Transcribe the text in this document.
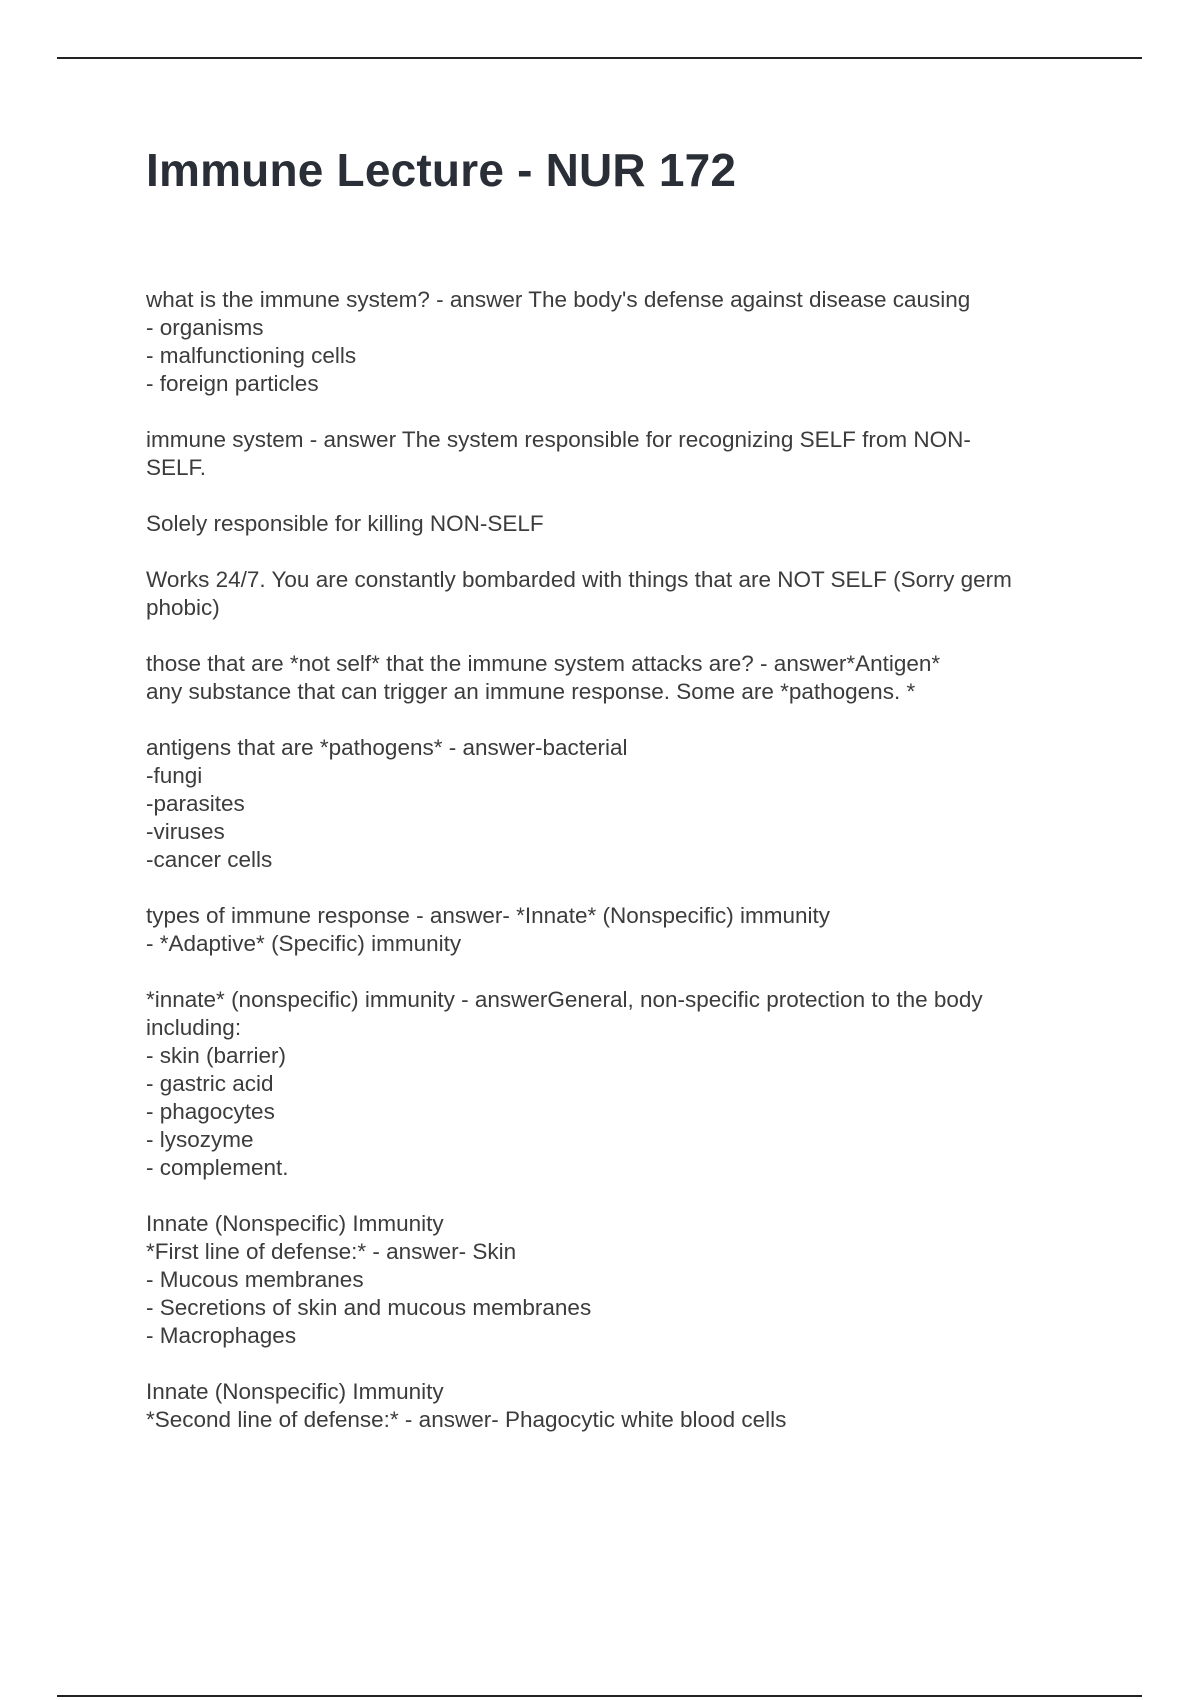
Immune Lecture - NUR 172

what is the immune system? - answer The body's defense against disease causing
- organisms
- malfunctioning cells
- foreign particles

immune system - answer The system responsible for recognizing SELF from NON-
SELF.

Solely responsible for killing NON-SELF

Works 24/7. You are constantly bombarded with things that are NOT SELF (Sorry germ
phobic)

those that are *not self* that the immune system attacks are? - answer*Antigen*
any substance that can trigger an immune response. Some are *pathogens. *

antigens that are *pathogens* - answer-bacterial
-fungi
-parasites
-viruses
-cancer cells

types of immune response - answer- *Innate* (Nonspecific) immunity
- *Adaptive* (Specific) immunity

*innate* (nonspecific) immunity - answerGeneral, non-specific protection to the body
including:
- skin (barrier)
- gastric acid
- phagocytes
- lysozyme
- complement.

Innate (Nonspecific) Immunity
*First line of defense:* - answer- Skin
- Mucous membranes
- Secretions of skin and mucous membranes
- Macrophages

Innate (Nonspecific) Immunity
*Second line of defense:* - answer- Phagocytic white blood cells
